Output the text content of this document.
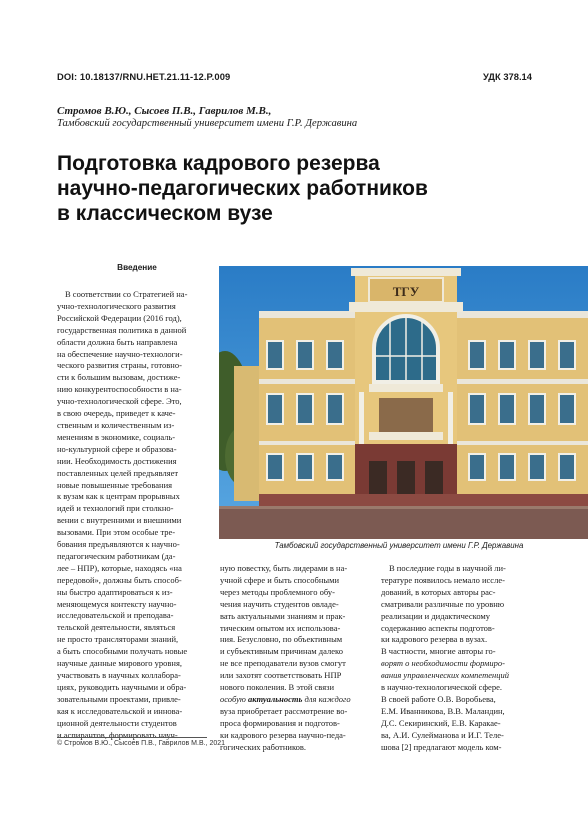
DOI: 10.18137/RNU.HET.21.11-12.P.009	УДК 378.14
Стромов В.Ю., Сысоев П.В., Гаврилов М.В.,
Тамбовский государственный университет имени Г.Р. Державина
Подготовка кадрового резерва
научно-педагогических работников
в классическом вузе
Введение
В соответствии со Стратегией на-
учно-технологического развития
Российской Федерации (2016 год),
государственная политика в данной
области должна быть направлена
на обеспечение научно-технологи-
ческого развития страны, готовно-
сти к большим вызовам, достиже-
нию конкурентоспособности в на-
учно-технологической сфере. Это,
в свою очередь, приведет к каче-
ственным и количественным из-
менениям в экономике, социаль-
но-культурной сфере и образова-
нии. Необходимость достижения
поставленных целей предъявляет
новые повышенные требования
к вузам как к центрам прорывных
идей и технологий при столкно-
вении с внутренними и внешними
вызовами. При этом особые тре-
бования предъявляются к научно-
педагогическим работникам (да-
лее – НПР), которые, находясь «на
передовой», должны быть способ-
ны быстро адаптироваться к из-
меняющемуся контексту научно-
исследовательской и преподава-
тельской деятельности, являться
не просто трансляторами знаний,
а быть способными получать новые
научные данные мирового уровня,
участвовать в научных коллабора-
циях, руководить научными и обра-
зовательными проектами, привле-
кая к исследовательской и иннова-
ционной деятельности студентов
и аспирантов, формировать науч-
ТГУ
Тамбовский государственный университет имени Г.Р. Державина
ную повестку, быть лидерами в на-
учной сфере и быть способными
через методы проблемного обу-
чения научить студентов овладе-
вать актуальными знаниям и прак-
тическим опытом их использова-
ния. Безусловно, по объективным
и субъективным причинам далеко
не все преподаватели вузов смогут
или захотят соответствовать НПР
нового поколения. В этой связи
особую актуальность для каждого
вуза приобретает рассмотрение во-
проса формирования и подготов-
ки кадрового резерва научно-педа-
гогических работников.
В последние годы в научной ли-
тературе появилось немало иссле-
дований, в которых авторы рас-
сматривали различные по уровню
реализации и дидактическому
содержанию аспекты подготов-
ки кадрового резерва в вузах.
В частности, многие авторы го-
ворят о необходимости формиро-
вания управленческих компетенций
в научно-технологической сфере.
В своей работе О.В. Воробьева,
Е.М. Иванникова, В.В. Маландин,
Д.С. Секиринский, Е.В. Каракае-
ва, А.И. Сулейманова и И.Г. Теле-
шова [2] предлагают модель ком-
© Стромов В.Ю., Сысоев П.В., Гаврилов М.В., 2021
